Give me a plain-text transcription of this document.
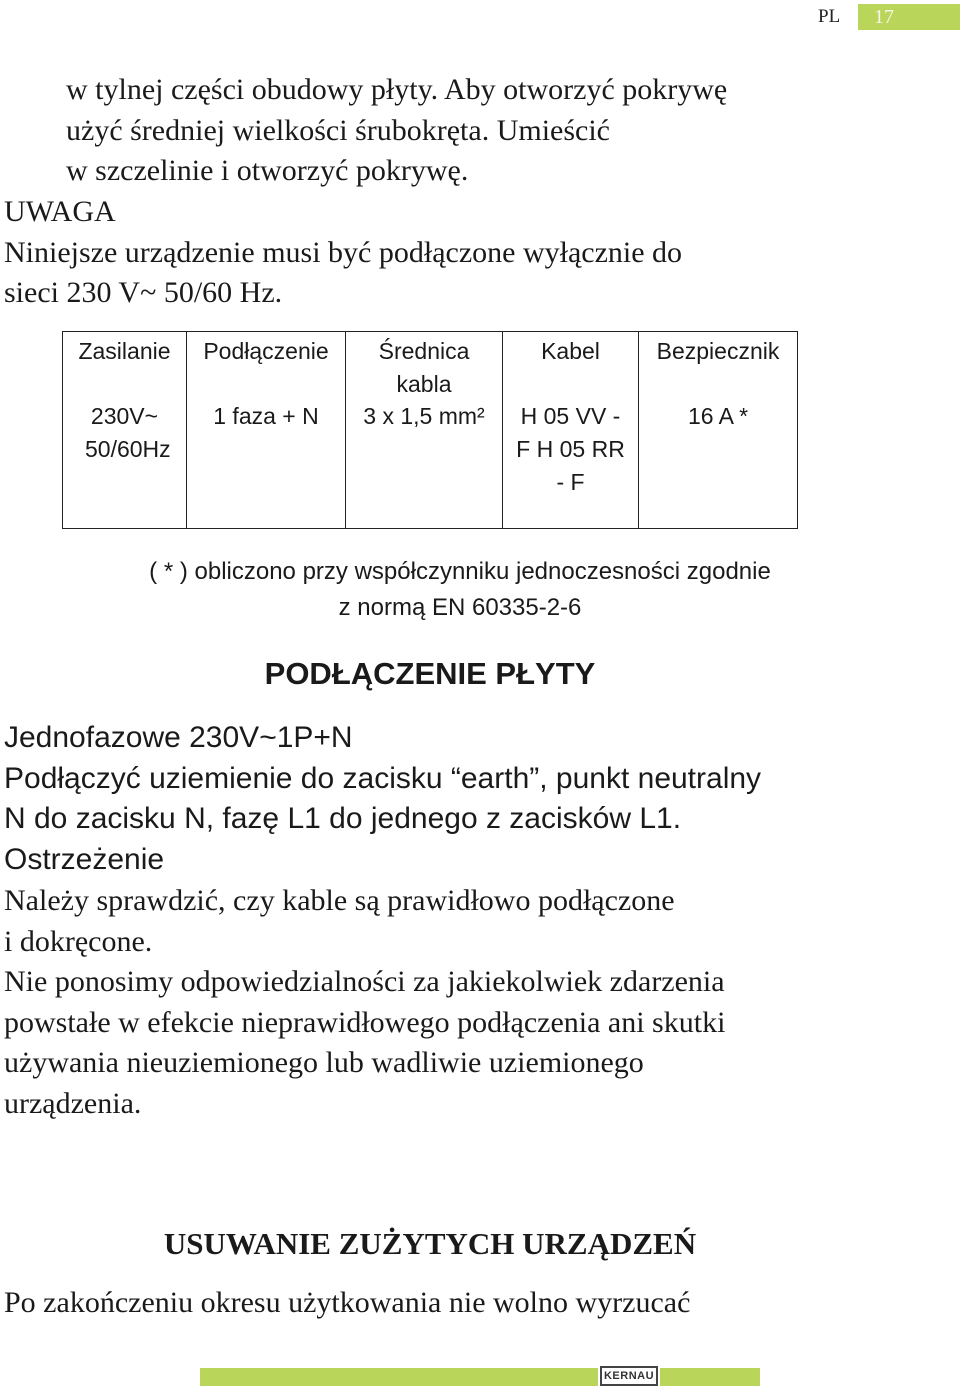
PL	17
w tylnej części obudowy płyty. Aby otworzyć pokrywę
użyć średniej wielkości śrubokręta. Umieścić
w szczelinie i otworzyć pokrywę.
UWAGA
Niniejsze urządzenie musi być podłączone wyłącznie do
sieci 230 V~ 50/60 Hz.
Zasilanie
230V~ 50/60Hz
Podłączenie
1 faza + N
Średnica kabla
3 x 1,5 mm²
Kabel
H 05 VV - F H 05 RR - F
Bezpiecznik
16 A *
( * ) obliczono przy współczynniku jednoczesności zgodnie
z normą EN 60335-2-6
PODŁĄCZENIE PŁYTY
Jednofazowe 230V~1P+N
Podłączyć uziemienie do zacisku “earth”, punkt neutralny
N do zacisku N, fazę L1 do jednego z zacisków L1.
Ostrzeżenie
Należy sprawdzić, czy kable są prawidłowo podłączone
i dokręcone.
Nie ponosimy odpowiedzialności za jakiekolwiek zdarzenia
powstałe w efekcie nieprawidłowego podłączenia ani skutki
używania nieuziemionego lub wadliwie uziemionego
urządzenia.
USUWANIE ZUŻYTYCH URZĄDZEŃ
Po zakończeniu okresu użytkowania nie wolno wyrzucać
KERNAU
